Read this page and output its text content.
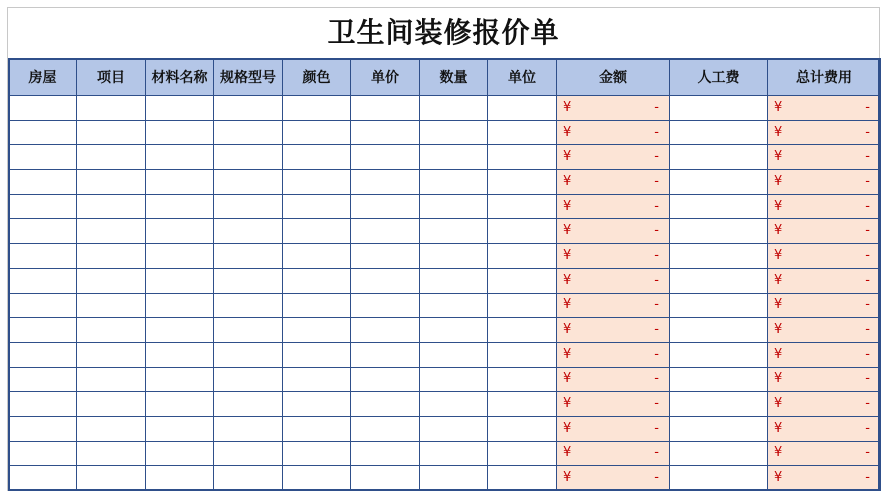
卫生间装修报价单
房屋	项目	材料名称	规格型号	颜色	单价	数量	单位	金额	人工费	总计费用

								¥ -		¥ -

								¥ -		¥ -

								¥ -		¥ -

								¥ -		¥ -

								¥ -		¥ -

								¥ -		¥ -

								¥ -		¥ -

								¥ -		¥ -

								¥ -		¥ -

								¥ -		¥ -

								¥ -		¥ -

								¥ -		¥ -

								¥ -		¥ -

								¥ -		¥ -

								¥ -		¥ -

								¥ -		¥ -
